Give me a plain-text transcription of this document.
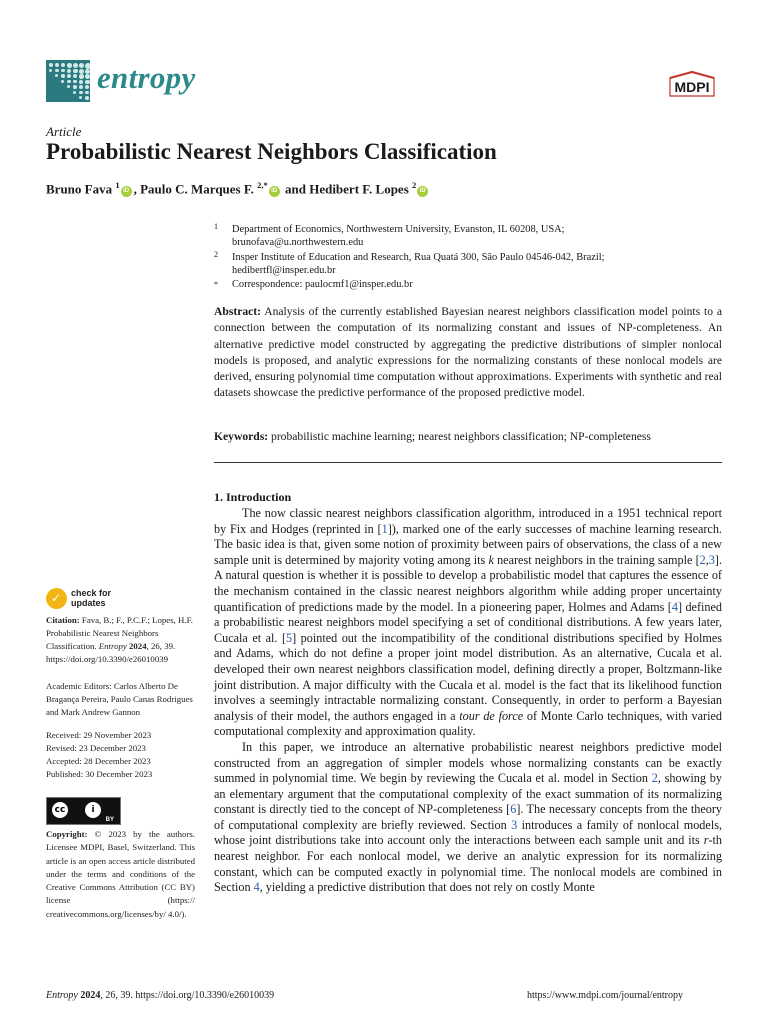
entropy	MDPI
Article
Probabilistic Nearest Neighbors Classification
Bruno Fava $^1$iD , Paulo C. Marques F. $^{2,*}$iD and Hedibert F. Lopes $^2$iD
1 Department of Economics, Northwestern University, Evanston, IL 60208, USA;
brunofava@u.northwestern.edu
2 Insper Institute of Education and Research, Rua Quatá 300, São Paulo 04546-042, Brazil;
hedibertfl@insper.edu.br
* Correspondence: paulocmf1@insper.edu.br
Abstract: Analysis of the currently established Bayesian nearest neighbors classification model points to a connection between the computation of its normalizing constant and issues of NP-completeness. An alternative predictive model constructed by aggregating the predictive distributions of simpler nonlocal models is proposed, and analytic expressions for the normalizing constants of these nonlocal models are derived, ensuring polynomial time computation without approximations. Experiments with synthetic and real datasets showcase the predictive performance of the proposed predictive model.
Keywords: probabilistic machine learning; nearest neighbors classification; NP-completeness
1. Introduction

The now classic nearest neighbors classification algorithm, introduced in a 1951 technical report by Fix and Hodges (reprinted in [1]), marked one of the early successes of machine learning research. The basic idea is that, given some notion of proximity between pairs of observations, the class of a new sample unit is determined by majority voting among its k nearest neighbors in the training sample [2,3]. A natural question is whether it is possible to develop a probabilistic model that captures the essence of the mechanism contained in the classic nearest neighbors algorithm while adding proper uncertainty quantification of predictions made by the model. In a pioneering paper, Holmes and Adams [4] defined a probabilistic nearest neighbors model specifying a set of conditional distributions. A few years later, Cucala et al. [5] pointed out the incompatibility of the conditional distributions specified by Holmes and Adams, which do not define a proper joint model distribution. As an alternative, Cucala et al. developed their own nearest neighbors classification model, defining directly a proper, Boltzmann-like joint distribution. A major difficulty with the Cucala et al. model is the fact that its likelihood function involves a seemingly intractable normalizing constant. Consequently, in order to perform a Bayesian analysis of their model, the authors engaged in a tour de force of Monte Carlo techniques, with varied computational complexity and approximation quality.

In this paper, we introduce an alternative probabilistic nearest neighbors predictive model constructed from an aggregation of simpler models whose normalizing constants can be exactly summed in polynomial time. We begin by reviewing the Cucala et al. model in Section 2, showing by an elementary argument that the computational complexity of the exact summation of its normalizing constant is directly tied to the concept of NP-completeness [6]. The necessary concepts from the theory of computational complexity are briefly reviewed. Section 3 introduces a family of nonlocal models, whose joint distributions take into account only the interactions between each sample unit and its r-th nearest neighbor. For each nonlocal model, we derive an analytic expression for its normalizing constant, which can be computed exactly in polynomial time. The nonlocal models are combined in Section 4, yielding a predictive distribution that does not rely on costly Monte

✓ check for
updates
Citation: Fava, B.; F., P.C.F.; Lopes, H.F. Probabilistic Nearest Neighbors Classification. Entropy 2024, 26, 39. https://doi.org/10.3390/e26010039
Academic Editors: Carlos Alberto De Bragança Pereira, Paulo Canas Rodrigues and Mark Andrew Gannon
Received: 29 November 2023
Revised: 23 December 2023
Accepted: 28 December 2023
Published: 30 December 2023
cc	i
BY
Copyright: © 2023 by the authors. Licensee MDPI, Basel, Switzerland. This article is an open access article distributed under the terms and conditions of the Creative Commons Attribution (CC BY) license (https:// creativecommons.org/licenses/by/ 4.0/).
Entropy 2024, 26, 39. https://doi.org/10.3390/e26010039	https://www.mdpi.com/journal/entropy
